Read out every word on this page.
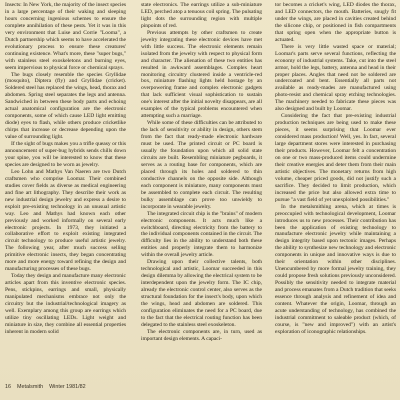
Insects: In New York, the majority of the insect species in a large percentage of their waking and sleeping hours concerning ingenious schemes to ensure the complete annihilation of these pests. Yet it was in this very environment that Luise and Corrie "Looma", a Dutch partnership which seems to have accelerated the evolutionary process to ensure these creatures' continuing existence. What's more, these "super bugs," with stainless steel exoskeletons and burning eyes, seem impervious to physical force or chemical sprays.

The bugs closely resemble the species Gryllidae (mosquito), Diptera (fly) and Gryllidae (cricket). Soldered steel has replaced the wings, head, thorax and abdomen. Spring steel separates the legs and antenna. Sandwiched in between these body parts and echoing actual anatomical configuration are the electronic components, some of which cause LED light emitting diode) eyes to flash, while others produce cricketlike chirps that increase or decrease depending upon the value of surrounding light.

If the sight of bugs makes you a trifle queasy or this announcement of super-bug hybrids sends chills down your spine, you will be interested to know that these species are designed to be worn as jewelry.

Leo Lohn and Mathys Van Naeren are two Dutch craftsmen who comprise Loomar. Their combined studies cover fields as diverse as medical engineering and fine art lithography. They describe their work as new industrial design jewelry and express a desire to exploit pre-existing technology in an unusual artistic way. Leo and Mathys had known each other previously and worked informally on several early electronic projects. In 1973, they initiated a collaborative effort to exploit existing integrated circuit technology to produce useful artistic jewelry. The following year, after much success selling primitive electronic insects, they began concentrating more and more energy toward refining the design and manufacturing processes of these bugs.

Today they design and manufacture many electronic articles apart from this inventive electronic species. Pens, stickpins, earrings and small, physically manipulated mechanisms embrace not only the circuitry but the industrial/technological imagery as well. Exemplary among this group are earrings which utilize tiny oscillating LEDs. Light weight and miniature in size, they combine all essential properties inherent in modern solid

state electronics. The earrings utilize a sub-miniature LED, perched atop a tenuous coil spring. The pulsating light dots the surrounding region with multiple pinpoints of red.

Previous attempts by other craftsmen to create jewelry integrating these electronic devices have met with little success. The electronic elements remain isolated from the jewelry with respect to physical form and character. The alienation of these two entities has resulted in awkward assemblages. Complex heart monitoring circuitry clustered inside a ventricle-red box, miniature flashing lights held hostage by an overpowering frame and complex electronic gadgets that lack sufficient visual sophistication to sustain one's interest after the initial novelty disappears, are all examples of the typical problems encountered when attempting such a marriage.

While some of these difficulties can be attributed to the lack of sensitivity or ability in design, others stem from the fact that ready-made electronic hardware must be used. The printed circuit or PC board is usually the foundation upon which all solid state circuits are built. Resembling miniature pegboards, it serves as a routing base for components, which are placed through its holes and soldered to thin conductive channels on the opposite side. Although each component is miniature, many components must be assembled to complete each circuit. The resulting bulky assemblage can prove too unwieldy to incorporate in wearable jewelry.

The integrated circuit chip is the "brains" of modern electronic components. It acts much like a switchboard, directing electricity from the battery to the individual components contained in the circuit. The difficulty lies in the ability to understand both these entities and properly integrate them to harmonize within the overall jewelry article.

Drawing upon their collective talents, both technological and artistic, Loomar succeeded in this design dilemma by allowing the electrical system to be interdependent upon the jewelry form. The IC chip, already the electronic control center, also serves as the structural foundation for the insect's body, upon which the wings, head and abdomen are soldered. This configuration eliminates the need for a PC board, due to the fact that the electrical routing function has been delegated to the stainless steel exoskeleton.

The electronic components are, in turn, used as important design elements. A capaci-

tor becomes a cricket's wing, LED diodes the thorax, and LED connectors, the mouth. Batteries, snugly fit under the wings, are placed in cavities created behind the silicone chip, or positioned in fish compartments that spring open when the appropriate button is actuated.

There is very little wasted space or material; Loomar's parts serve several functions, reflecting the economy of industrial systems. Take, cut into the steel armor, hold the legs, battery, antenna and head in their proper places. Angles that need not be soldered are undercoated and bent. Essentially all parts not available as ready-mades are manufactured using photo-resist and chemical spray etching technologies. The machinery needed to fabricate these pieces was also designed and built by Loomar.

Considering the fact that pre-existing industrial production techniques are being used to make these pieces, it seems surprising that Loomar ever considered mass production! Well, yes. In fact, several large department stores were interested in purchasing their products. However, Loomar felt a concentration on one or two mass-produced items could undermine their creative energies and deter them from their main artistic objectives. The monetary returns from high volume, cheaper priced goods, did not justify such a sacrifice. They decided to limit production, which increased the price but also allowed extra time to pursue "a vast field of yet unexploited possibilities."

In the metalsmithing arena, which at times is preoccupied with technological development, Loomar introduces us to new processes. Their contribution has been the application of existing technology to manufacture electronic jewelry while maintaining a design integrity based upon tectonic images. Perhaps the ability to synthesize new technology and electronic components in unique and innovative ways is due to their orientation within other disciplines. Unencumbered by more formal jewelry training, they could propose fresh solutions previously unconsidered. Possibly the sensitivity needed to integrate material and process emanates from a Dutch tradition that seeks essence through analysis and refinement of idea and content. Whatever the origin, Loomar, through an acute understanding of technology, has combined the industrial commitment to saleable product (which, of course, is "new and improved") with an artist's exploration of iconographic relationships.

16 Metalsmith Winter 1981/82
